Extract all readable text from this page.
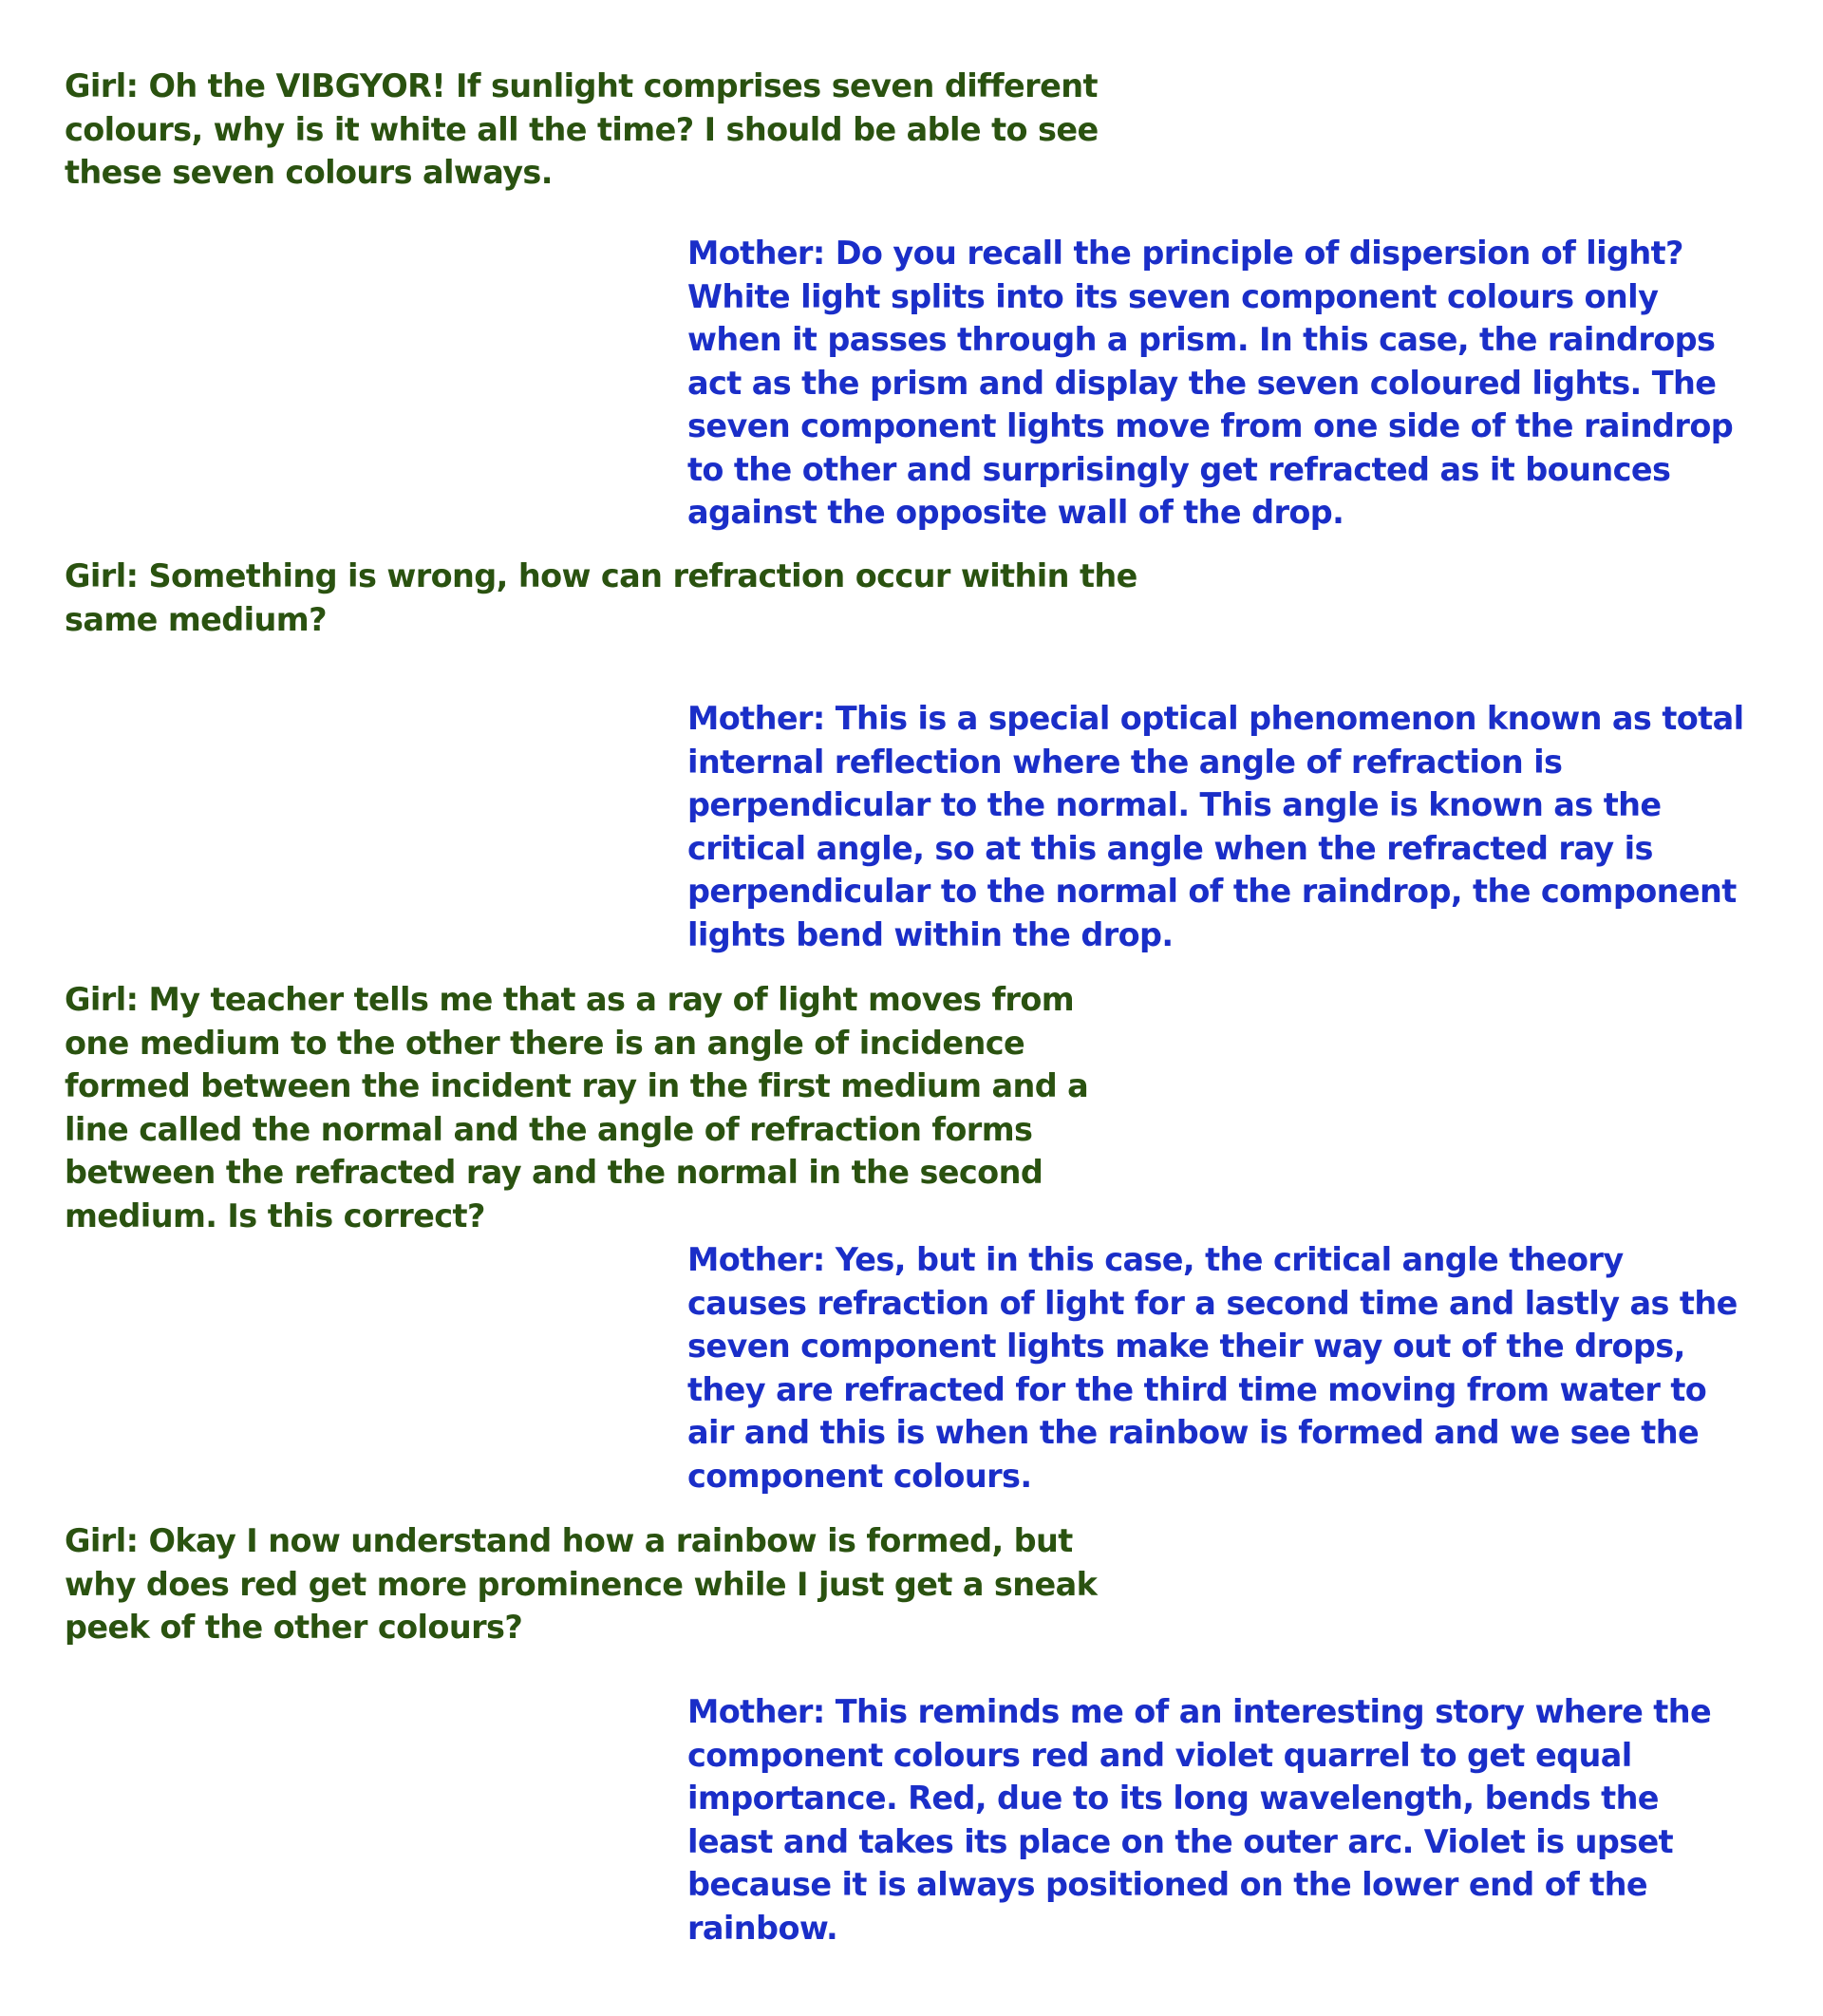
Girl: Oh the VIBGYOR! If sunlight comprises seven different colours, why is it white all the time? I should be able to see these seven colours always.

Mother: Do you recall the principle of dispersion of light? White light splits into its seven component colours only when it passes through a prism. In this case, the raindrops act as the prism and display the seven coloured lights. The seven component lights move from one side of the raindrop to the other and surprisingly get refracted as it bounces against the opposite wall of the drop.

Girl: Something is wrong, how can refraction occur within the same medium?

Mother: This is a special optical phenomenon known as total internal reflection where the angle of refraction is perpendicular to the normal. This angle is known as the critical angle, so at this angle when the refracted ray is perpendicular to the normal of the raindrop, the component lights bend within the drop.

Girl: My teacher tells me that as a ray of light moves from one medium to the other there is an angle of incidence formed between the incident ray in the first medium and a line called the normal and the angle of refraction forms between the refracted ray and the normal in the second medium. Is this correct?

Mother: Yes, but in this case, the critical angle theory causes refraction of light for a second time and lastly as the seven component lights make their way out of the drops, they are refracted for the third time moving from water to air and this is when the rainbow is formed and we see the component colours.

Girl: Okay I now understand how a rainbow is formed, but why does red get more prominence while I just get a sneak peek of the other colours?

Mother: This reminds me of an interesting story where the component colours red and violet quarrel to get equal importance. Red, due to its long wavelength, bends the least and takes its place on the outer arc. Violet is upset because it is always positioned on the lower end of the rainbow.
